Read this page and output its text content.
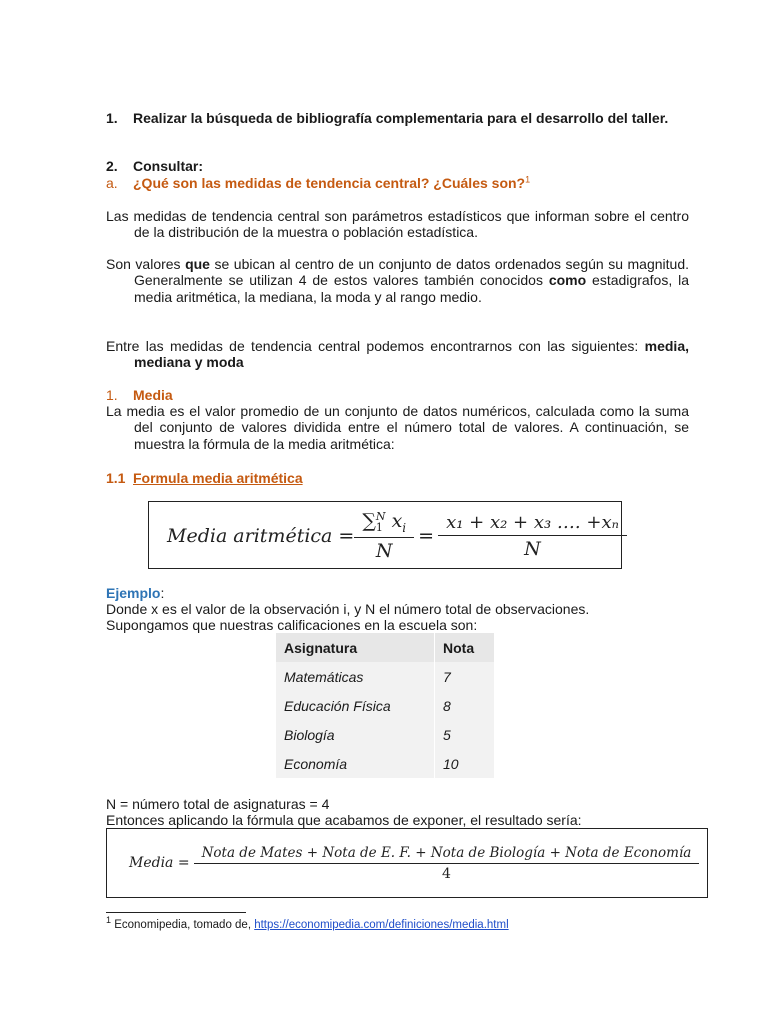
1. Realizar la búsqueda de bibliografía complementaria para el desarrollo del taller.
2. Consultar:
a. ¿Qué son las medidas de tendencia central? ¿Cuáles son?$^1$
Las medidas de tendencia central son parámetros estadísticos que informan sobre el centro de la distribución de la muestra o población estadística.
Son valores que se ubican al centro de un conjunto de datos ordenados según su magnitud. Generalmente se utilizan 4 de estos valores también conocidos como estadigrafos, la media aritmética, la mediana, la moda y al rango medio.
Entre las medidas de tendencia central podemos encontrarnos con las siguientes: media, mediana y moda
1. Media
La media es el valor promedio de un conjunto de datos numéricos, calculada como la suma del conjunto de valores dividida entre el número total de valores. A continuación, se muestra la fórmula de la media aritmética:
1.1 Formula media aritmética
Media aritmética = ∑ N
1 $x_i$
$N = \frac{\text{x₁ + x₂ + x₃ …. +xₙ}}{N}$
Ejemplo:
Donde x es el valor de la observación i, y N el número total de observaciones.
Supongamos que nuestras calificaciones en la escuela son:
Asignatura	Nota
Matemáticas	7
Educación Física	8
Biología	5
Economía	10
N = número total de asignaturas = 4
Entonces aplicando la fórmula que acabamos de exponer, el resultado sería:
Media =
Nota de Mates + Nota de E. F. + Nota de Biología + Nota de Economía
4
$^1$ Economipedia, tomado de, https://economipedia.com/definiciones/media.html
